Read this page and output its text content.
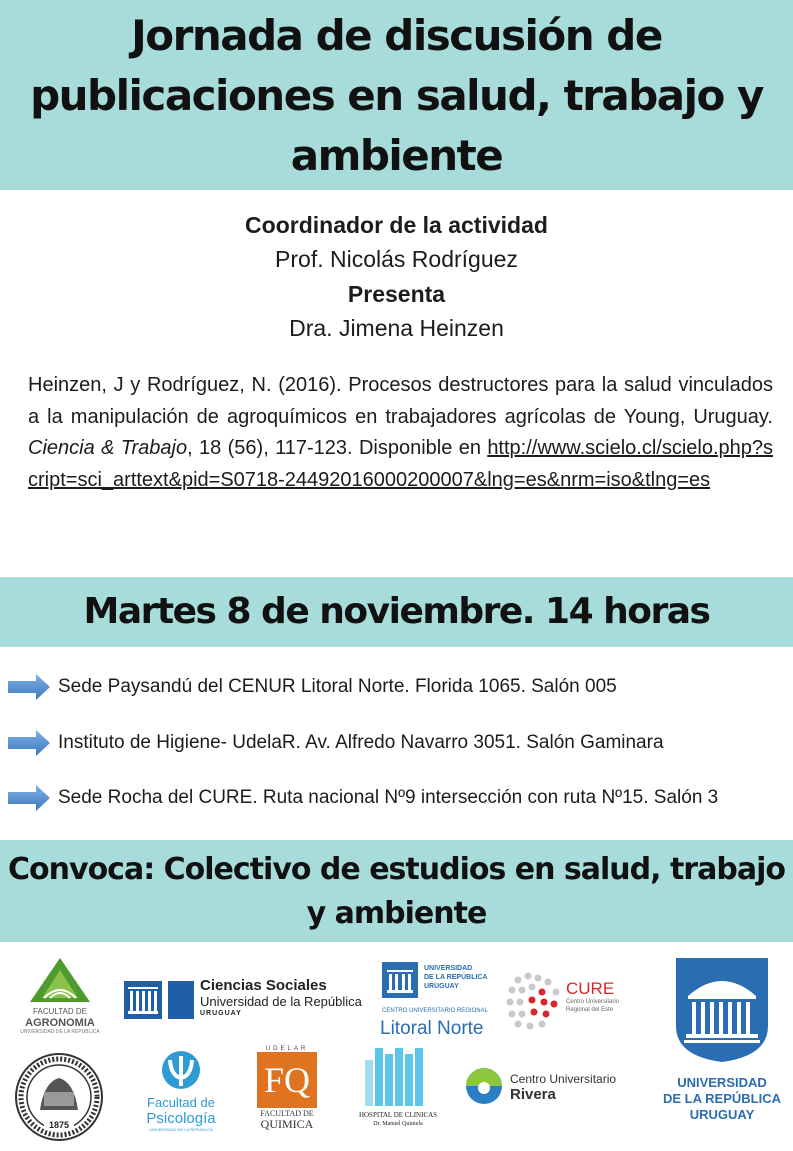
Jornada de discusión de
publicaciones en salud, trabajo y
ambiente
Coordinador de la actividad
Prof. Nicolás Rodríguez
Presenta
Dra. Jimena Heinzen

Heinzen, J y Rodríguez, N. (2016). Procesos destructores para la salud vinculados a la manipulación de agroquímicos en trabajadores agrícolas de Young, Uruguay. Ciencia & Trabajo, 18 (56), 117-123. Disponible en http://www.scielo.cl/scielo.php?script=sci_arttext&pid=S0718-24492016000200007&lng=es&nrm=iso&tlng=es

Martes 8 de noviembre. 14 horas
Sede Paysandú del CENUR Litoral Norte. Florida 1065. Salón 005
Instituto de Higiene- UdelaR. Av. Alfredo Navarro 3051. Salón Gaminara
Sede Rocha del CURE. Ruta nacional Nº9 intersección con ruta Nº15. Salón 3
Convoca: Colectivo de estudios en salud, trabajo
y ambiente
FACULTAD DE
AGRONOMIA
UNIVERSIDAD DE LA REPÚBLICA
Ciencias Sociales
Universidad de la República
URUGUAY
UNIVERSIDAD
DE LA REPÚBLICA
URUGUAY
CENTRO UNIVERSITARIO REGIONAL
Litoral Norte
CURE
Centro Universitario
Regional del Este
UNIVERSIDAD
DE LA REPÚBLICA
URUGUAY
1875
Facultad de
Psicología
UNIVERSIDAD DE LA REPÚBLICA
UDELAR
FQ
FACULTAD DE
QUIMICA
HOSPITAL DE CLINICAS
Dr. Manuel Quintela
Centro Universitario
Rivera
